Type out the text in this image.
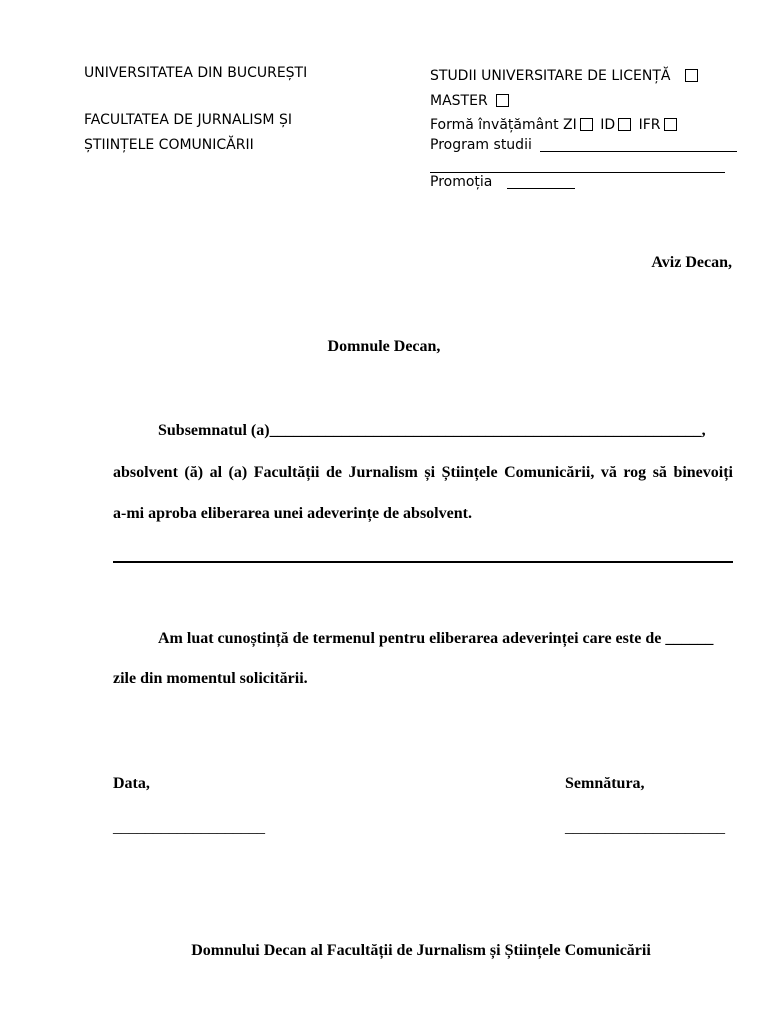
UNIVERSITATEA DIN BUCUREȘTI
FACULTATEA DE JURNALISM ȘI
ȘTIINȚELE COMUNICĂRII
STUDII UNIVERSITARE DE LICENȚĂ
MASTER
Formă învățământ ZI ID IFR
Program studii
Promoția
Aviz Decan,
Domnule Decan,
Subsemnatul (a)______________________________________________________,
absolvent (ă) al (a) Facultății de Jurnalism și Științele Comunicării, vă rog să binevoiți
a-mi aproba eliberarea unei adeverințe de absolvent.
Am luat cunoștință de termenul pentru eliberarea adeverinței care este de ______
zile din momentul solicitării.
Data,
___________________
Semnătura,
____________________
Domnului Decan al Facultății de Jurnalism și Științele Comunicării
